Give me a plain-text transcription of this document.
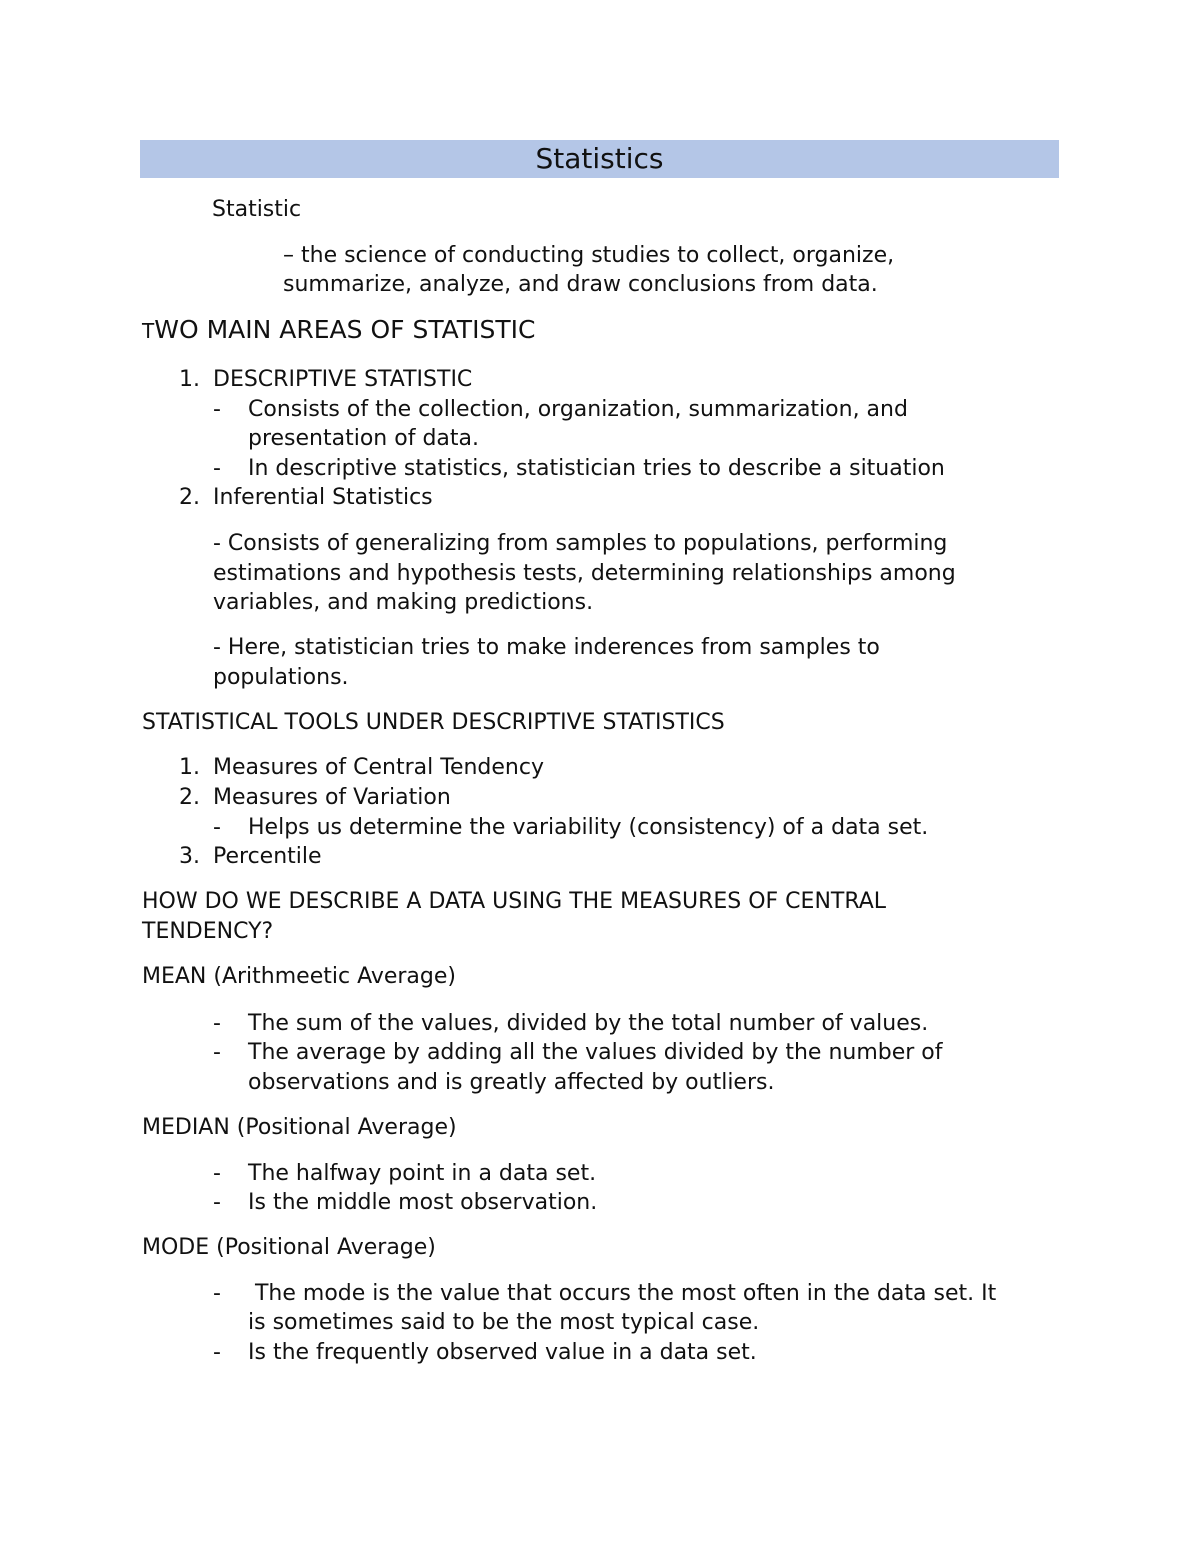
Statistics
Statistic
– the science of conducting studies to collect, organize,
summarize, analyze, and draw conclusions from data.
TWO MAIN AREAS OF STATISTIC
1. DESCRIPTIVE STATISTIC
- Consists of the collection, organization, summarization, and
presentation of data.
- In descriptive statistics, statistician tries to describe a situation
2. Inferential Statistics
- Consists of generalizing from samples to populations, performing
estimations and hypothesis tests, determining relationships among
variables, and making predictions.
- Here, statistician tries to make inderences from samples to
populations.
STATISTICAL TOOLS UNDER DESCRIPTIVE STATISTICS
1. Measures of Central Tendency
2. Measures of Variation
- Helps us determine the variability (consistency) of a data set.
3. Percentile
HOW DO WE DESCRIBE A DATA USING THE MEASURES OF CENTRAL
TENDENCY?
MEAN (Arithmeetic Average)
- The sum of the values, divided by the total number of values.
- The average by adding all the values divided by the number of
observations and is greatly affected by outliers.
MEDIAN (Positional Average)
- The halfway point in a data set.
- Is the middle most observation.
MODE (Positional Average)
- The mode is the value that occurs the most often in the data set. It
is sometimes said to be the most typical case.
- Is the frequently observed value in a data set.
